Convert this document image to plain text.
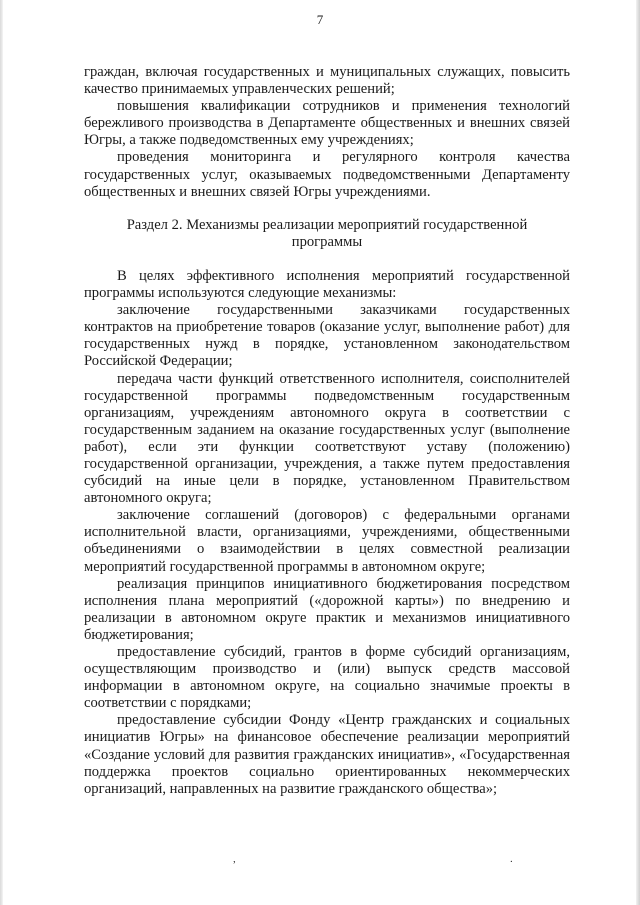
7

граждан, включая государственных и муниципальных служащих, повысить качество принимаемых управленческих решений;

повышения квалификации сотрудников и применения технологий бережливого производства в Департаменте общественных и внешних связей Югры, а также подведомственных ему учреждениях;

проведения мониторинга и регулярного контроля качества государственных услуг, оказываемых подведомственными Департаменту общественных и внешних связей Югры учреждениями.

Раздел 2. Механизмы реализации мероприятий государственной
программы

В целях эффективного исполнения мероприятий государственной программы используются следующие механизмы:

заключение государственными заказчиками государственных контрактов на приобретение товаров (оказание услуг, выполнение работ) для государственных нужд в порядке, установленном законодательством Российской Федерации;

передача части функций ответственного исполнителя, соисполнителей государственной программы подведомственным государственным организациям, учреждениям автономного округа в соответствии с государственным заданием на оказание государственных услуг (выполнение работ), если эти функции соответствуют уставу (положению) государственной организации, учреждения, а также путем предоставления субсидий на иные цели в порядке, установленном Правительством автономного округа;

заключение соглашений (договоров) с федеральными органами исполнительной власти, организациями, учреждениями, общественными объединениями о взаимодействии в целях совместной реализации мероприятий государственной программы в автономном округе;

реализация принципов инициативного бюджетирования посредством исполнения плана мероприятий («дорожной карты») по внедрению и реализации в автономном округе практик и механизмов инициативного бюджетирования;

предоставление субсидий, грантов в форме субсидий организациям, осуществляющим производство и (или) выпуск средств массовой информации в автономном округе, на социально значимые проекты в соответствии с порядками;

предоставление субсидии Фонду «Центр гражданских и социальных инициатив Югры» на финансовое обеспечение реализации мероприятий «Создание условий для развития гражданских инициатив», «Государственная поддержка проектов социально ориентированных некоммерческих организаций, направленных на развитие гражданского общества»;

,	.
